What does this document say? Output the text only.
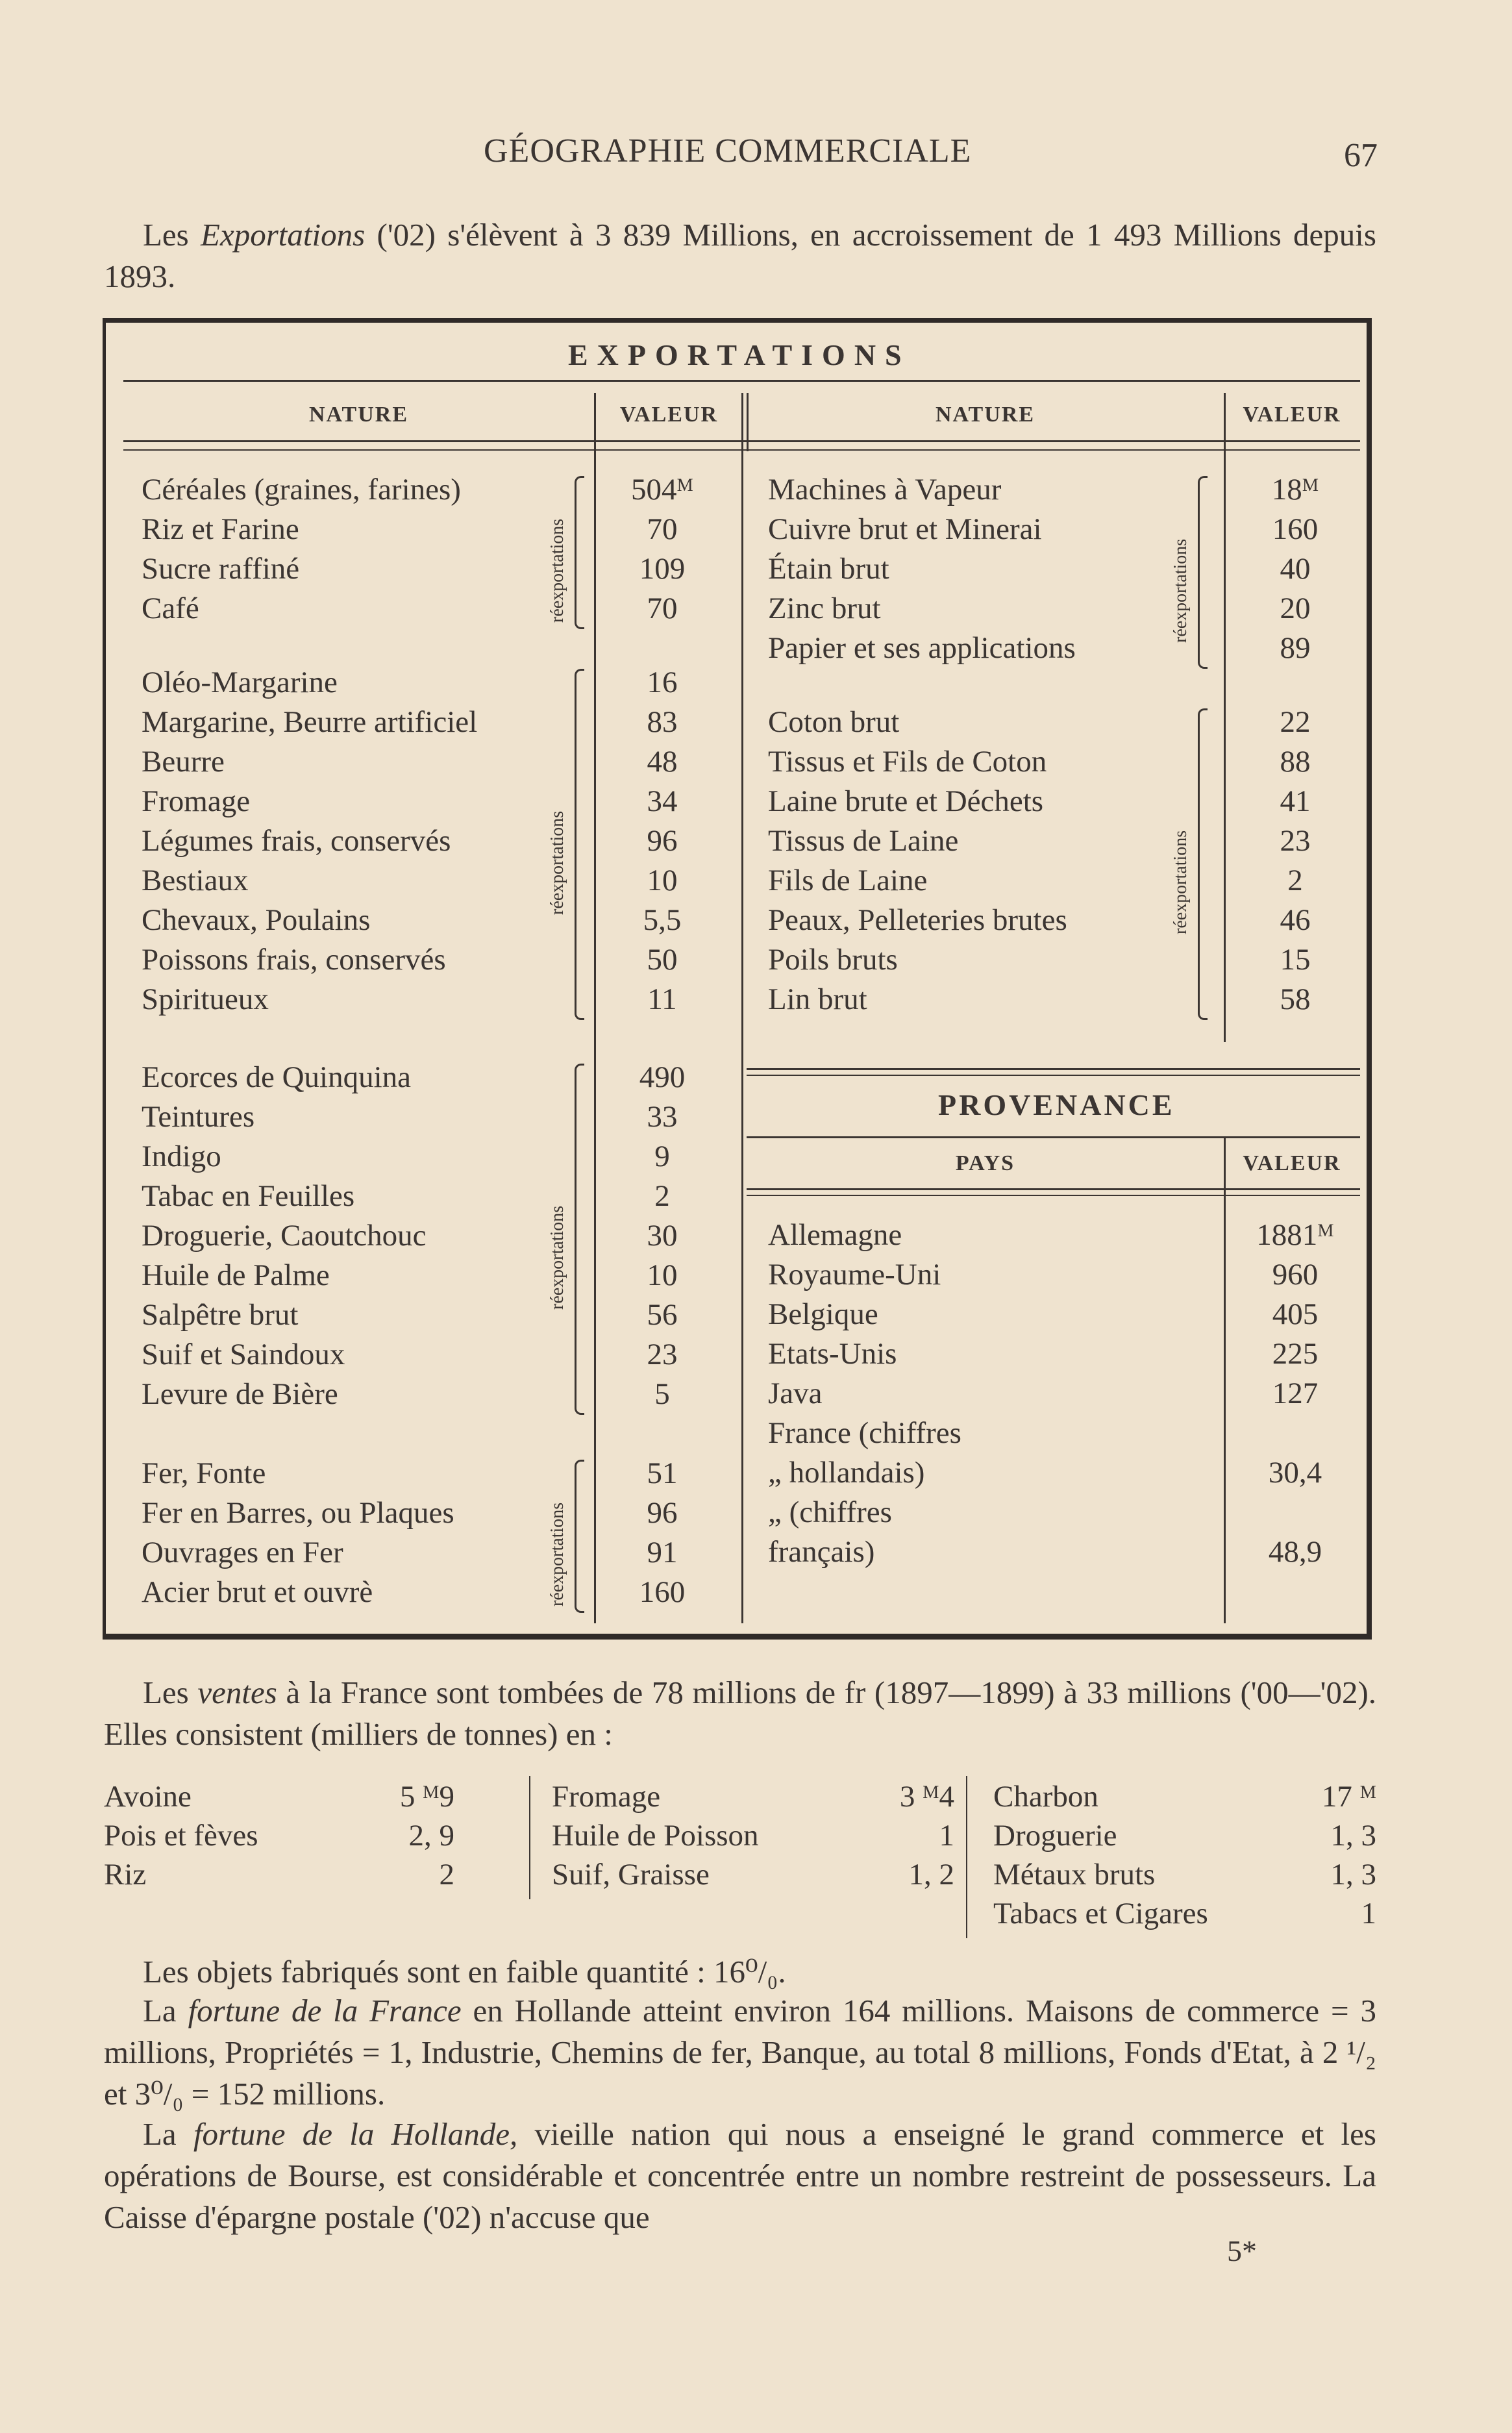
GÉOGRAPHIE COMMERCIALE	67
Les Exportations ('02) s'élèvent à 3 839 Millions, en accroissement de 1 493 Millions depuis 1893.
EXPORTATIONS
NATURE	VALEUR	NATURE	VALEUR
Céréales (graines, farines)	504ᴹ
Riz et Farine	70
Sucre raffiné	109
Café	70
réexportations
Oléo-Margarine	16
Margarine, Beurre artificiel	83
Beurre	48
Fromage	34
Légumes frais, conservés	96
Bestiaux	10
Chevaux, Poulains	5,5
Poissons frais, conservés	50
Spiritueux	11
réexportations
Ecorces de Quinquina	490
Teintures	33
Indigo	9
Tabac en Feuilles	2
Droguerie, Caoutchouc	30
Huile de Palme	10
Salpêtre brut	56
Suif et Saindoux	23
Levure de Bière	5
réexportations
Fer, Fonte	51
Fer en Barres, ou Plaques	96
Ouvrages en Fer	91
Acier brut et ouvrè	160
réexportations
Machines à Vapeur	18ᴹ
Cuivre brut et Minerai	160
Étain brut	40
Zinc brut	20
Papier et ses applications	89
réexportations
Coton brut	22
Tissus et Fils de Coton	88
Laine brute et Déchets	41
Tissus de Laine	23
Fils de Laine	2
Peaux, Pelleteries brutes	46
Poils bruts	15
Lin brut	58
réexportations
PROVENANCE
PAYS	VALEUR
Allemagne	1881ᴹ
Royaume-Uni	960
Belgique	405
Etats-Unis	225
Java	127
France (chiffres
„ hollandais)	30,4
„ (chiffres
français)	48,9
Les ventes à la France sont tombées de 78 millions de fr (1897—1899) à 33 millions ('00—'02). Elles consistent (milliers de tonnes) en :
Avoine	5 ᴹ9
Pois et fèves	2, 9
Riz	2
Fromage	3 ᴹ4
Huile de Poisson	1
Suif, Graisse	1, 2
Charbon	17 ᴹ
Droguerie	1, 3
Métaux bruts	1, 3
Tabacs et Cigares	1
Les objets fabriqués sont en faible quantité : 16⁰/₀.
La fortune de la France en Hollande atteint environ 164 millions. Maisons de commerce = 3 millions, Propriétés = 1, Industrie, Chemins de fer, Banque, au total 8 millions, Fonds d'Etat, à 2 ¹/₂ et 3⁰/₀ = 152 millions.
La fortune de la Hollande, vieille nation qui nous a enseigné le grand commerce et les opérations de Bourse, est considérable et concentrée entre un nombre restreint de possesseurs. La Caisse d'épargne postale ('02) n'accuse que
5*
